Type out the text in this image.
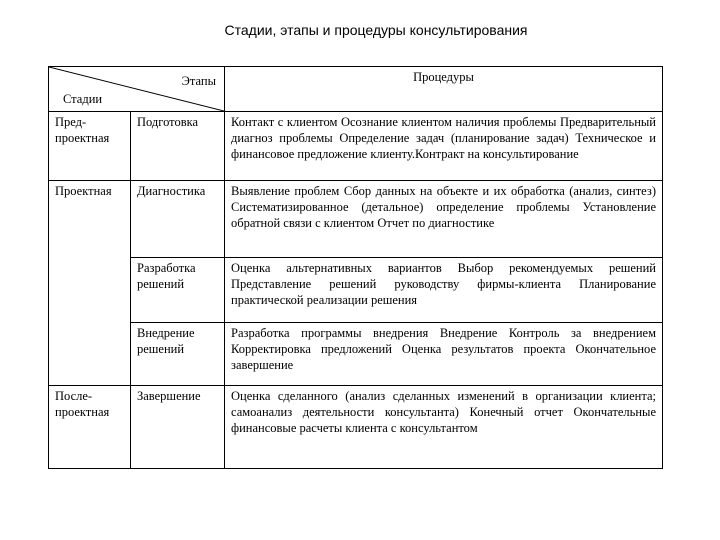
Стадии, этапы и процедуры консультирования
Этапы
Стадии		Процедуры
Пред-проектная	Подготовка	Контакт с клиентом Осознание клиентом наличия проблемы Предварительный диагноз проблемы Определение задач (планирование задач) Техническое и финансовое предложение клиенту.Контракт на консультирование
Проектная	Диагностика	Выявление проблем Сбор данных на объекте и их обработка (анализ, синтез) Систематизированное (детальное) определение проблемы Установление обратной связи с клиентом Отчет по диагностике
	Разработка решений	Оценка альтернативных вариантов Выбор рекомендуемых решений Представление решений руководству фирмы-клиента Планирование практической реализации решения
	Внедрение решений	Разработка программы внедрения Внедрение Контроль за внедрением Корректировка предложений Оценка результатов проекта Окончательное завершение
После-проектная	Завершение	Оценка сделанного (анализ сделанных изменений в организации клиента; самоанализ деятельности консультанта) Конечный отчет Окончательные финансовые расчеты клиента с консультантом
